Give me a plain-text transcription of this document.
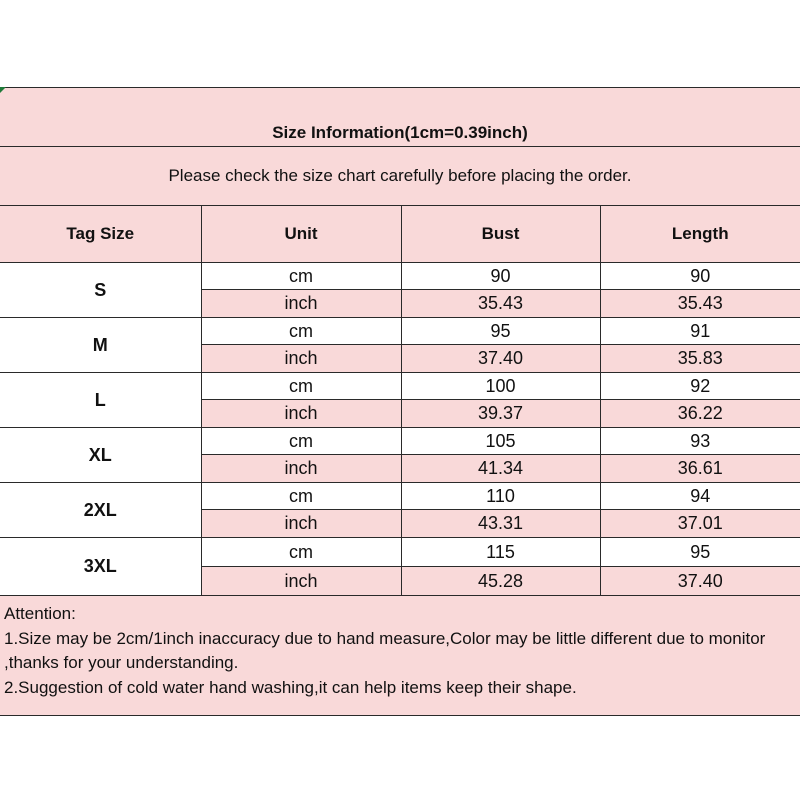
Size Information(1cm=0.39inch)
Please check the size chart carefully before placing the order.
Tag Size	Unit	Bust	Length
S	cm	90	90
	inch	35.43	35.43
M	cm	95	91
	inch	37.40	35.83
L	cm	100	92
	inch	39.37	36.22
XL	cm	105	93
	inch	41.34	36.61
2XL	cm	110	94
	inch	43.31	37.01
3XL	cm	115	95
	inch	45.28	37.40
Attention:
1.Size may be 2cm/1inch inaccuracy due to hand measure,Color may be little different due to monitor ,thanks for your understanding.
2.Suggestion of cold water hand washing,it can help items keep their shape.
